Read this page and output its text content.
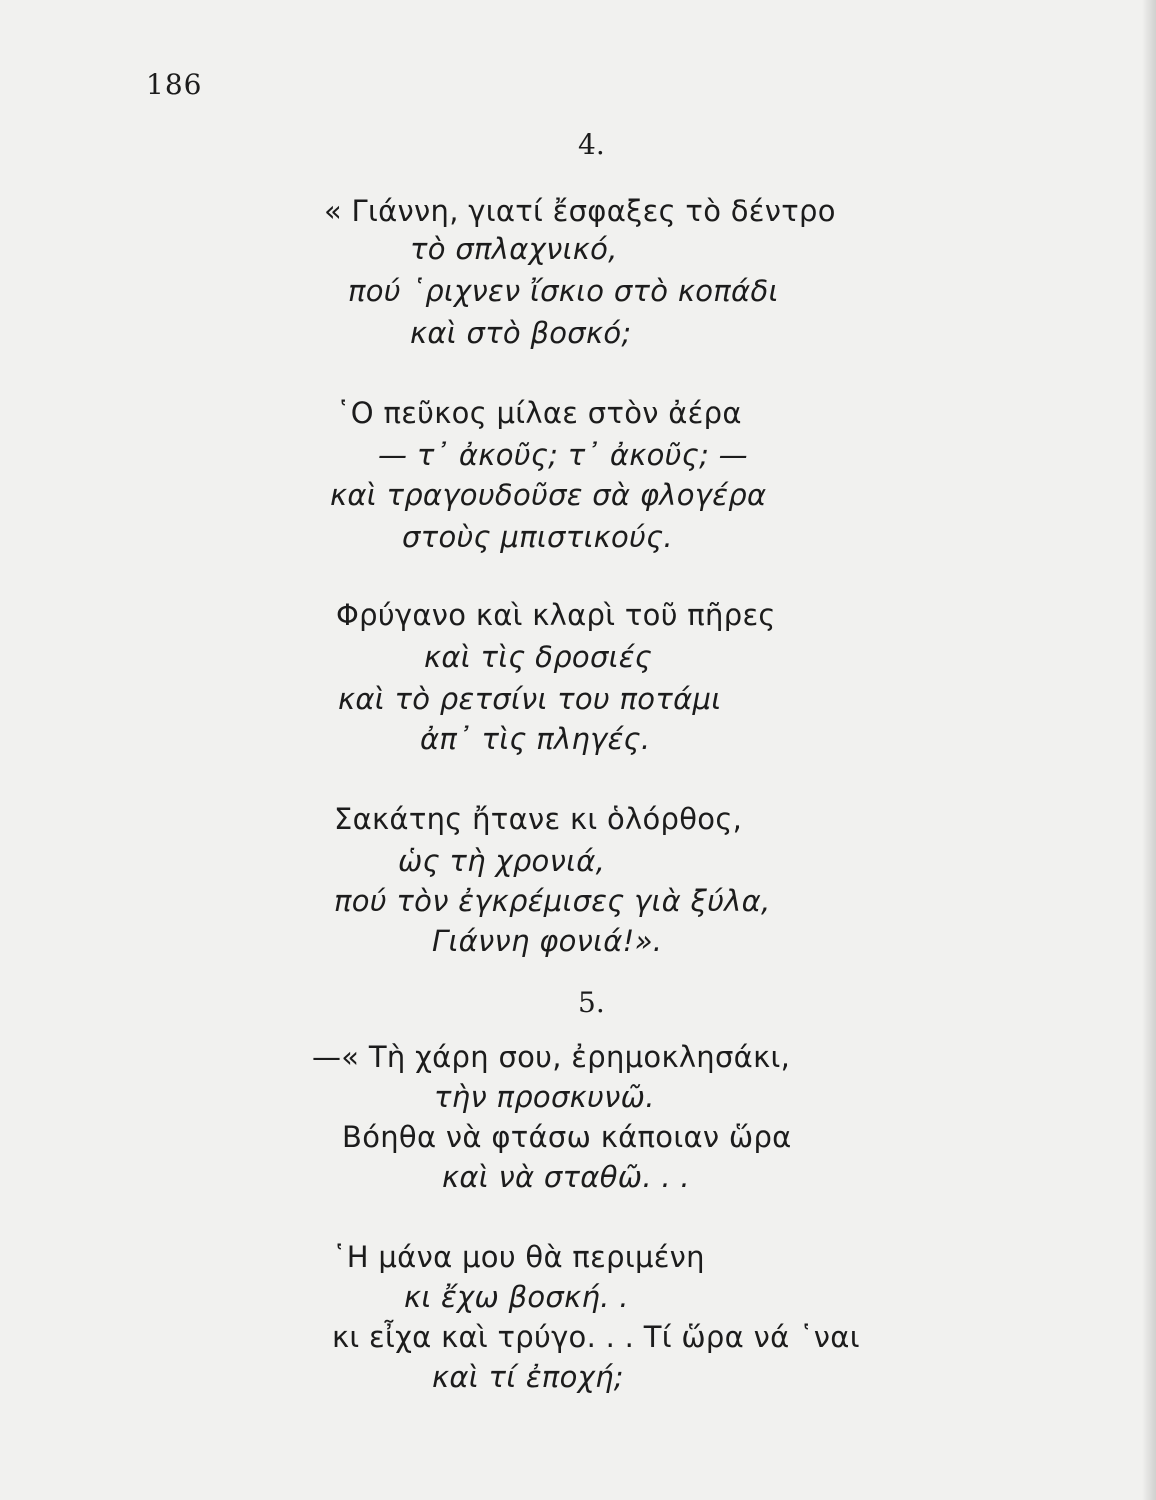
186
4.
« Γιάννη, γιατί ἔσφαξες τὸ δέντρο
τὸ σπλαχνικό,
πού ῾ριχνεν ἴσκιο στὸ κοπάδι
καὶ στὸ βοσκό;
῾Ο πεῦκος μίλαε στὸν ἀέρα
— τ᾿ ἀκοῦς; τ᾿ ἀκοῦς; —
καὶ τραγουδοῦσε σὰ φλογέρα
στοὺς μπιστικούς.
Φρύγανο καὶ κλαρὶ τοῦ πῆρες
καὶ τὶς δροσιές
καὶ τὸ ρετσίνι του ποτάμι
ἀπ᾿ τὶς πληγές.
Σακάτης ἤτανε κι ὁλόρθος,
ὡς τὴ χρονιά,
πού τὸν ἐγκρέμισες γιὰ ξύλα,
Γιάννη φονιά!».
5.
—« Τὴ χάρη σου, ἐρημοκλησάκι,
τὴν προσκυνῶ.
Βόηθα νὰ φτάσω κάποιαν ὥρα
καὶ νὰ σταθῶ. . .
῾Η μάνα μου θὰ περιμένη
κι ἔχω βοσκή. .
κι εἶχα καὶ τρύγο. . . Τί ὥρα νά ῾ναι
καὶ τί ἐποχή;
